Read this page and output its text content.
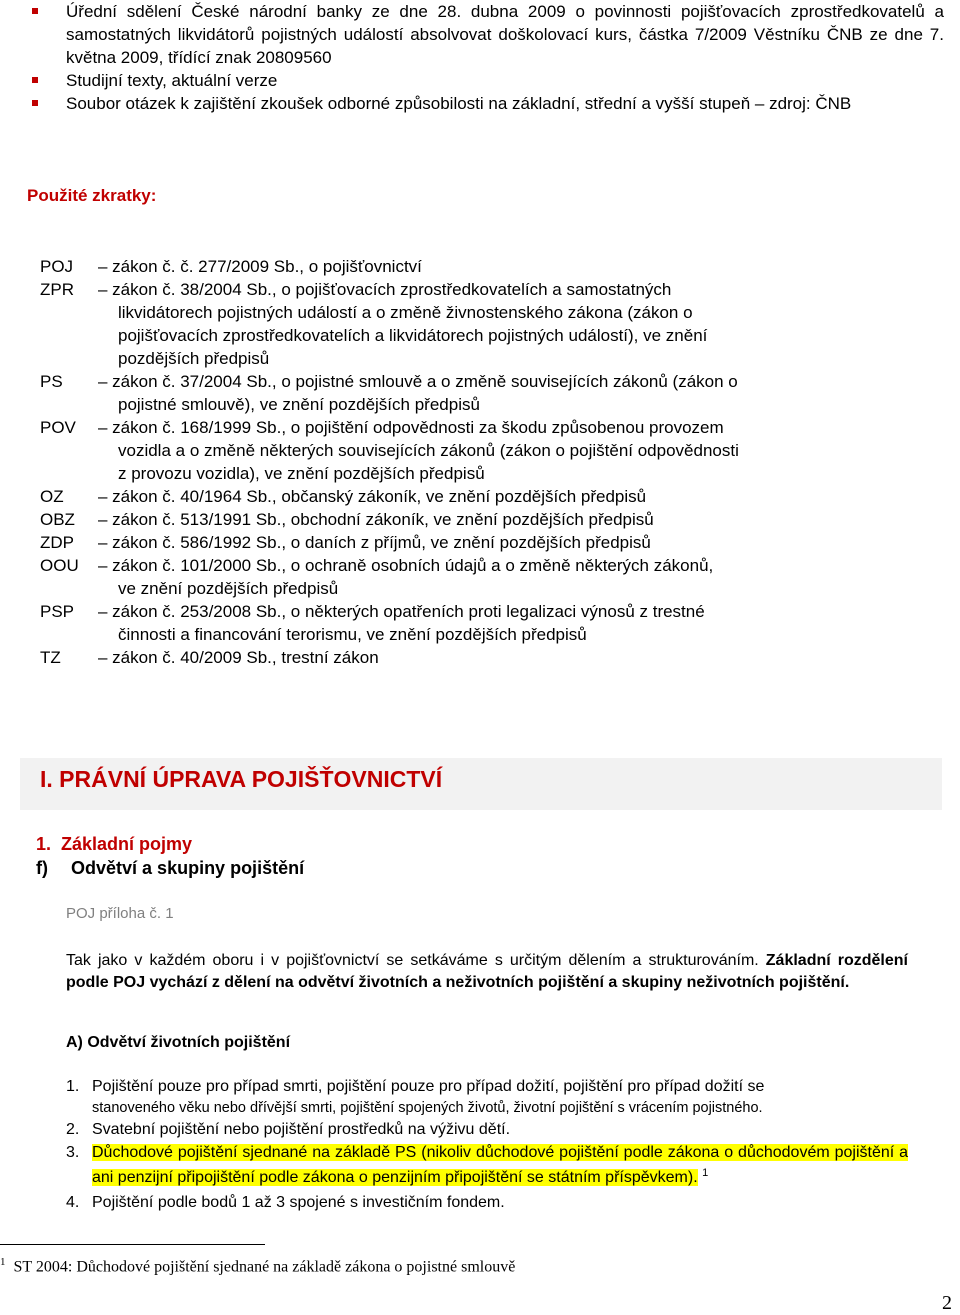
Úřední sdělení České národní banky ze dne 28. dubna 2009 o povinnosti pojišťovacích zprostředkovatelů a samostatných likvidátorů pojistných událostí absolvovat doškolovací kurs, částka 7/2009 Věstníku ČNB ze dne 7. května 2009, třídící znak 20809560
Studijní texty, aktuální verze
Soubor otázek k zajištění zkoušek odborné způsobilosti na základní, střední a vyšší stupeň – zdroj: ČNB
Použité zkratky:
POJ – zákon č. č. 277/2009 Sb., o pojišťovnictví
ZPR – zákon č. 38/2004 Sb., o pojišťovacích zprostředkovatelích a samostatných
likvidátorech pojistných událostí a o změně živnostenského zákona (zákon o
pojišťovacích zprostředkovatelích a likvidátorech pojistných událostí), ve znění
pozdějších předpisů
PS – zákon č. 37/2004 Sb., o pojistné smlouvě a o změně souvisejících zákonů (zákon o
pojistné smlouvě), ve znění pozdějších předpisů
POV – zákon č. 168/1999 Sb., o pojištění odpovědnosti za škodu způsobenou provozem
vozidla a o změně některých souvisejících zákonů (zákon o pojištění odpovědnosti
z provozu vozidla), ve znění pozdějších předpisů
OZ – zákon č. 40/1964 Sb., občanský zákoník, ve znění pozdějších předpisů
OBZ – zákon č. 513/1991 Sb., obchodní zákoník, ve znění pozdějších předpisů
ZDP – zákon č. 586/1992 Sb., o daních z příjmů, ve znění pozdějších předpisů
OOU – zákon č. 101/2000 Sb., o ochraně osobních údajů a o změně některých zákonů,
ve znění pozdějších předpisů
PSP – zákon č. 253/2008 Sb., o některých opatřeních proti legalizaci výnosů z trestné
činnosti a financování terorismu, ve znění pozdějších předpisů
TZ – zákon č. 40/2009 Sb., trestní zákon
I. PRÁVNÍ ÚPRAVA POJIŠŤOVNICTVÍ
1. Základní pojmy
f) Odvětví a skupiny pojištění
POJ příloha č. 1
Tak jako v každém oboru i v pojišťovnictví se setkáváme s určitým dělením a strukturováním. Základní rozdělení podle POJ vychází z dělení na odvětví životních a neživotních pojištění a skupiny neživotních pojištění.
A) Odvětví životních pojištění
1. Pojištění pouze pro případ smrti, pojištění pouze pro případ dožití, pojištění pro případ dožití se
stanoveného věku nebo dřívější smrti, pojištění spojených životů, životní pojištění s vrácením pojistného.
2. Svatební pojištění nebo pojištění prostředků na výživu dětí.
3. Důchodové pojištění sjednané na základě PS (nikoliv důchodové pojištění podle zákona o důchodovém pojištění a ani penzijní připojištění podle zákona o penzijním připojištění se státním příspěvkem). $^1$
4. Pojištění podle bodů 1 až 3 spojené s investičním fondem.
$^1$ ST 2004: Důchodové pojištění sjednané na základě zákona o pojistné smlouvě
2
